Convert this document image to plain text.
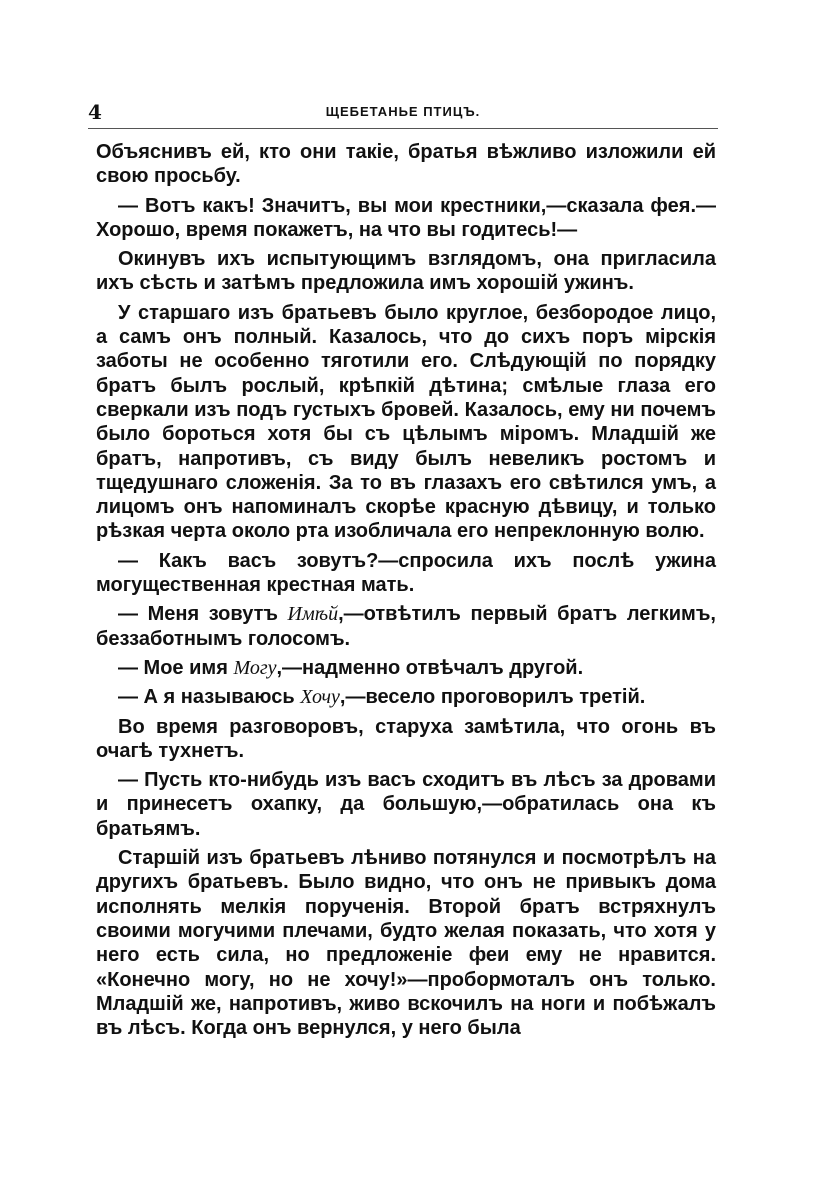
4	ЩЕБЕТАНЬЕ ПТИЦЪ.

Объяснивъ ей, кто они такіе, братья вѣжливо изложили ей свою просьбу.

— Вотъ какъ! Значитъ, вы мои крестники,—сказала фея.— Хорошо, время покажетъ, на что вы годитесь!—

Окинувъ ихъ испытующимъ взглядомъ, она пригласила ихъ сѣсть и затѣмъ предложила имъ хорошій ужинъ.

У старшаго изъ братьевъ было круглое, безбородое лицо, а самъ онъ полный. Казалось, что до сихъ поръ мірскія заботы не особенно тяготили его. Слѣдующій по порядку братъ былъ рослый, крѣпкій дѣтина; смѣлые глаза его сверкали изъ подъ густыхъ бровей. Казалось, ему ни почемъ было бороться хотя бы съ цѣлымъ міромъ. Младшій же братъ, напротивъ, съ виду былъ невеликъ ростомъ и тщедушнаго сложенія. За то въ глазахъ его свѣтился умъ, а лицомъ онъ напоминалъ скорѣе красную дѣвицу, и только рѣзкая черта около рта изобличала его непреклонную волю.

— Какъ васъ зовутъ?—спросила ихъ послѣ ужина могущественная крестная мать.

— Меня зовутъ Имѣй,—отвѣтилъ первый братъ легкимъ, беззаботнымъ голосомъ.

— Мое имя Могу,—надменно отвѣчалъ другой.

— А я называюсь Хочу,—весело проговорилъ третій.

Во время разговоровъ, старуха замѣтила, что огонь въ очагѣ тухнетъ.

— Пусть кто-нибудь изъ васъ сходитъ въ лѣсъ за дровами и принесетъ охапку, да большую,—обратилась она къ братьямъ.

Старшій изъ братьевъ лѣниво потянулся и посмотрѣлъ на другихъ братьевъ. Было видно, что онъ не привыкъ дома исполнять мелкія порученія. Второй братъ встряхнулъ своими могучими плечами, будто желая показать, что хотя у него есть сила, но предложеніе феи ему не нравится. «Конечно могу, но не хочу!»—пробормоталъ онъ только. Младшій же, напротивъ, живо вскочилъ на ноги и побѣжалъ въ лѣсъ. Когда онъ вернулся, у него была
